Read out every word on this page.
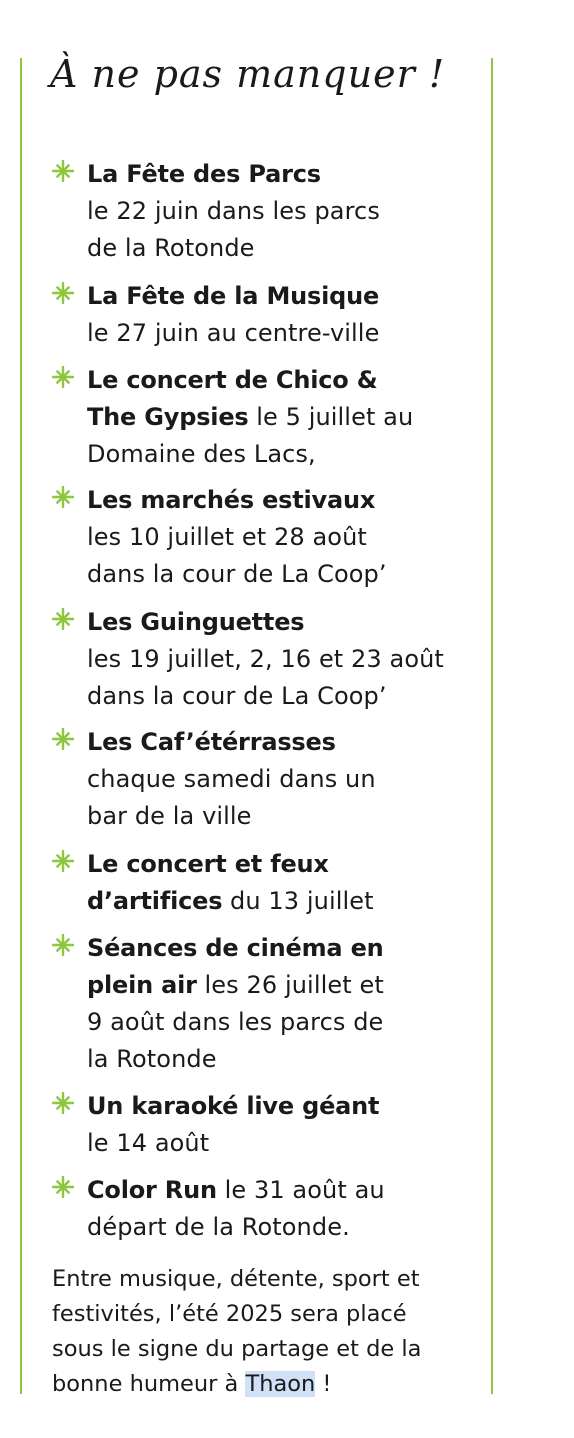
À ne pas manquer !
La Fête des Parcs
le 22 juin dans les parcs
de la Rotonde
La Fête de la Musique
le 27 juin au centre-ville
Le concert de Chico &
The Gypsies le 5 juillet au
Domaine des Lacs,
Les marchés estivaux
les 10 juillet et 28 août
dans la cour de La Coop’
Les Guinguettes
les 19 juillet, 2, 16 et 23 août
dans la cour de La Coop’
Les Caf’étérrasses
chaque samedi dans un
bar de la ville
Le concert et feux
d’artifices du 13 juillet
Séances de cinéma en
plein air les 26 juillet et
9 août dans les parcs de
la Rotonde
Un karaoké live géant
le 14 août
Color Run le 31 août au
départ de la Rotonde.
Entre musique, détente, sport et
festivités, l’été 2025 sera placé
sous le signe du partage et de la
bonne humeur à Thaon !
